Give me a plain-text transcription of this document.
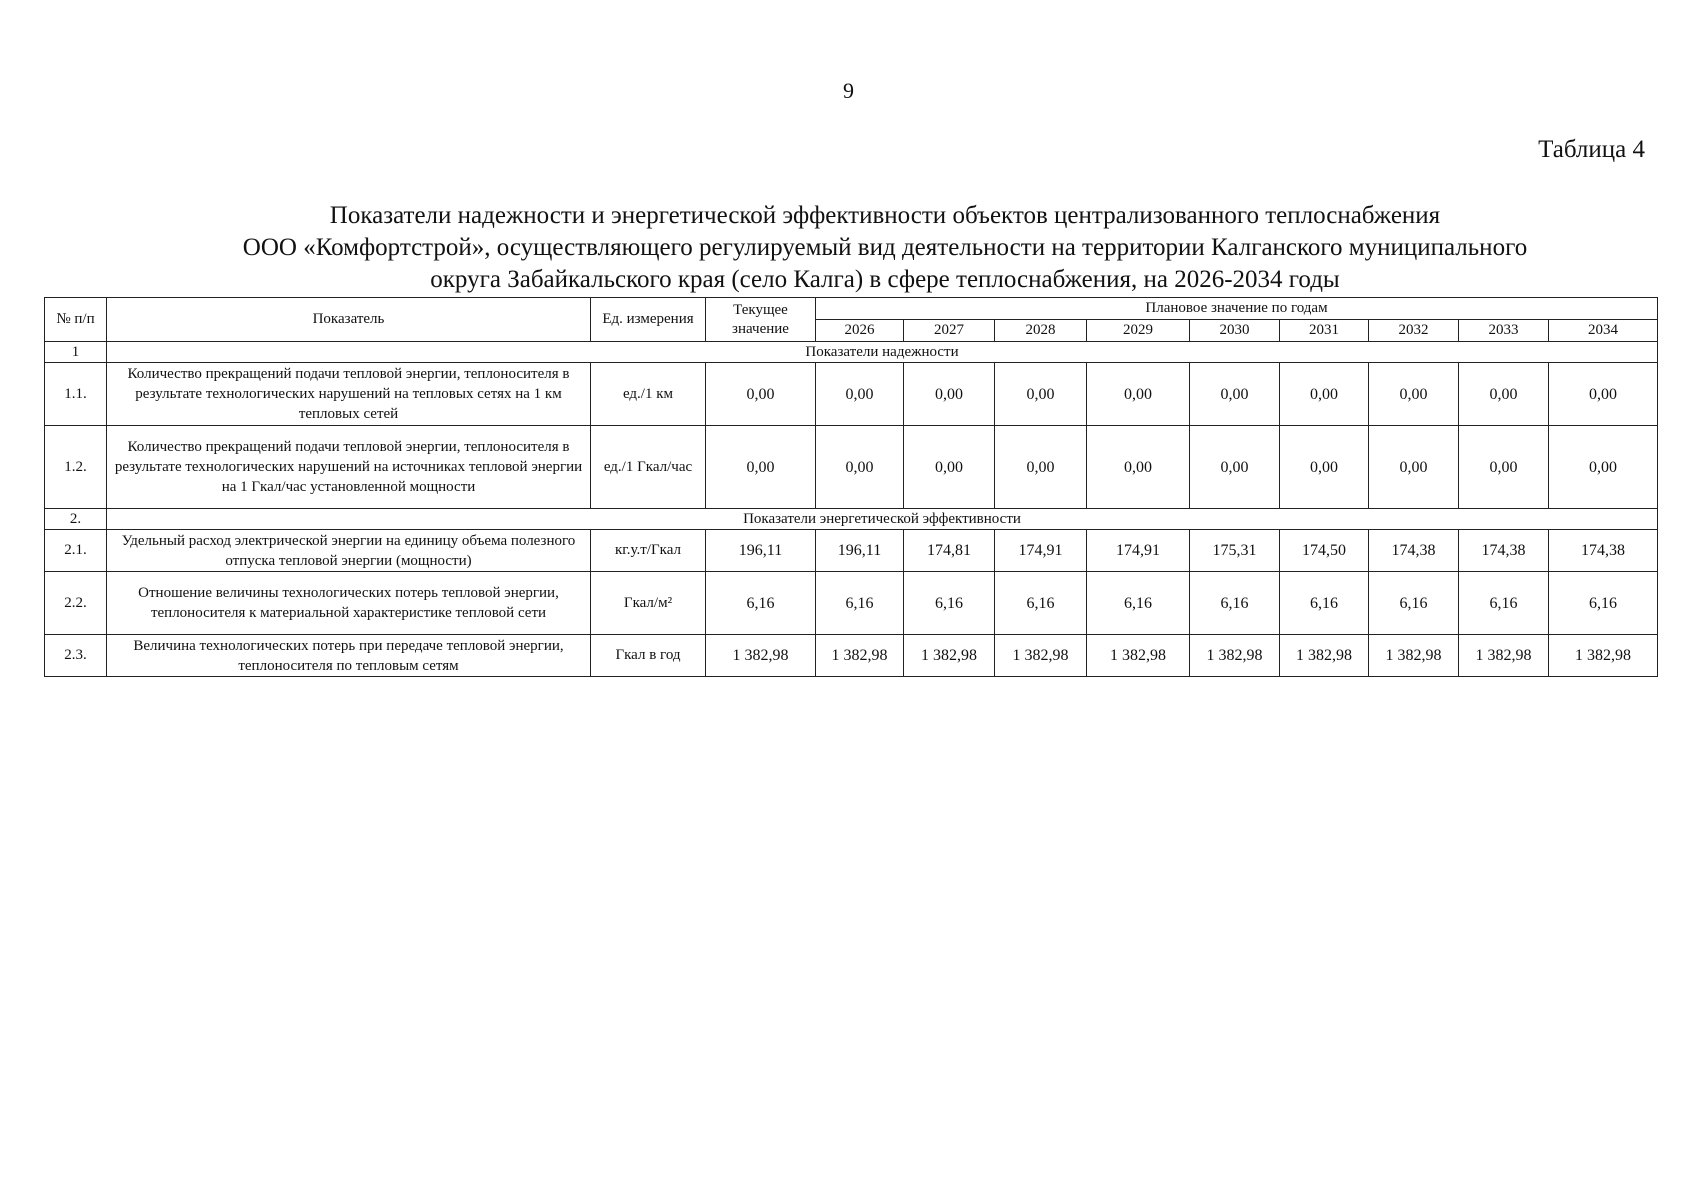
9
Таблица 4
Показатели надежности и энергетической эффективности объектов централизованного теплоснабжения
ООО «Комфортстрой», осуществляющего регулируемый вид деятельности на территории Калганского муниципального
округа Забайкальского края (село Калга) в сфере теплоснабжения, на 2026-2034 годы
№ п/п	Показатель	Ед. измерения	Текущее значение	Плановое значение по годам								
				2026	2027	2028	2029	2030	2031	2032	2033	2034
1	Показатели надежности											
1.1.	Количество прекращений подачи тепловой энергии, теплоносителя в результате технологических нарушений на тепловых сетях на 1 км тепловых сетей	ед./1 км	0,00	0,00	0,00	0,00	0,00	0,00	0,00	0,00	0,00	0,00
1.2.	Количество прекращений подачи тепловой энергии, теплоносителя в результате технологических нарушений на источниках тепловой энергии на 1 Гкал/час установленной мощности	ед./1 Гкал/час	0,00	0,00	0,00	0,00	0,00	0,00	0,00	0,00	0,00	0,00
2.	Показатели энергетической эффективности											
2.1.	Удельный расход электрической энергии на единицу объема полезного отпуска тепловой энергии (мощности)	кг.у.т/Гкал	196,11	196,11	174,81	174,91	174,91	175,31	174,50	174,38	174,38	174,38
2.2.	Отношение величины технологических потерь тепловой энергии, теплоносителя к материальной характеристике тепловой сети	Гкал/м²	6,16	6,16	6,16	6,16	6,16	6,16	6,16	6,16	6,16	6,16
2.3.	Величина технологических потерь при передаче тепловой энергии, теплоносителя по тепловым сетям	Гкал в год	1 382,98	1 382,98	1 382,98	1 382,98	1 382,98	1 382,98	1 382,98	1 382,98	1 382,98	1 382,98
